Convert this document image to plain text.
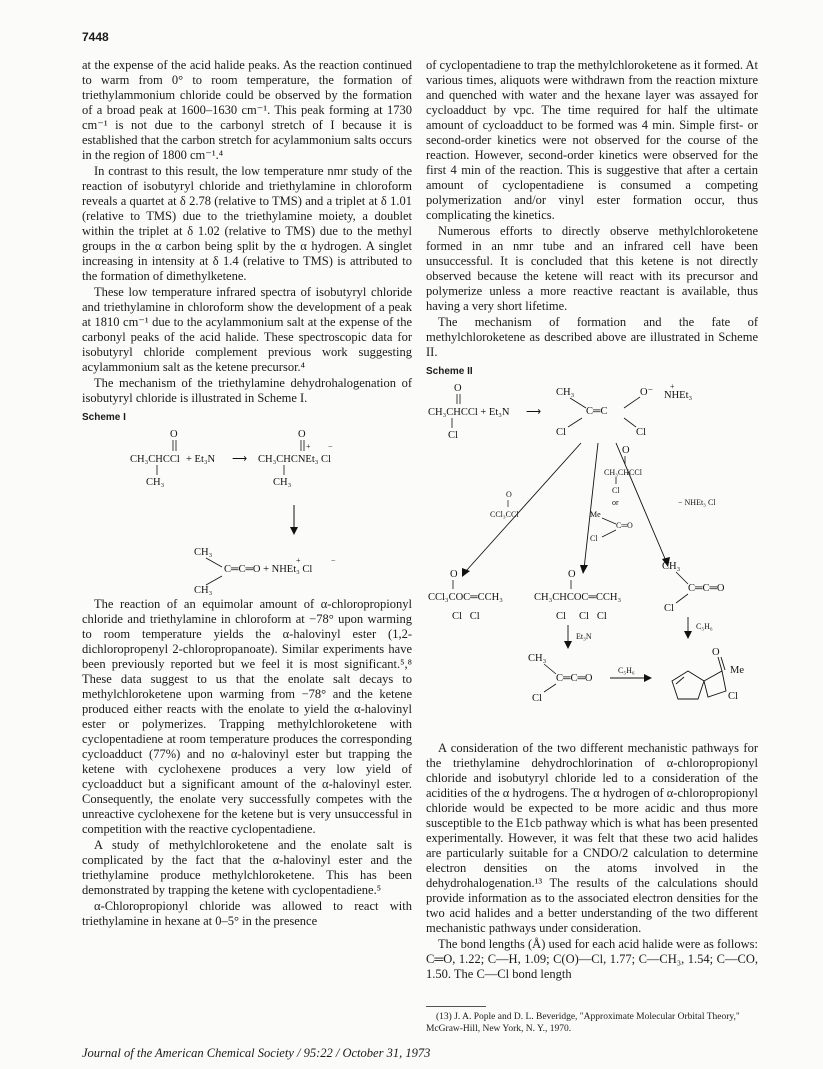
7448

at the expense of the acid halide peaks. As the reaction continued to warm from 0° to room temperature, the formation of triethylammonium chloride could be observed by the formation of a broad peak at 1600–1630 cm⁻¹. This peak forming at 1730 cm⁻¹ is not due to the carbonyl stretch of I because it is established that the carbon stretch for acylammonium salts occurs in the region of 1800 cm⁻¹.⁴

In contrast to this result, the low temperature nmr study of the reaction of isobutyryl chloride and triethylamine in chloroform reveals a quartet at δ 2.78 (relative to TMS) and a triplet at δ 1.01 (relative to TMS) due to the triethylamine moiety, a doublet within the triplet at δ 1.02 (relative to TMS) due to the methyl groups in the α carbon being split by the α hydrogen. A singlet increasing in intensity at δ 1.4 (relative to TMS) is attributed to the formation of dimethylketene.

These low temperature infrared spectra of isobutyryl chloride and triethylamine in chloroform show the development of a peak at 1810 cm⁻¹ due to the acylammonium salt at the expense of the carbonyl peaks of the acid halide. These spectroscopic data for isobutyryl chloride complement previous work suggesting acylammonium salt as the ketene precursor.⁴

The mechanism of the triethylamine dehydrohalogenation of isobutyryl chloride is illustrated in Scheme I.

Scheme I
O
CH₃CHCCl
CH₃
+ Et₃N ⟶
O
+ −
CH₃CHCNEt₃ Cl
CH₃
CH₃
C═C═O + NHEt₃ Cl
+	−
CH₃

The reaction of an equimolar amount of α-chloropropionyl chloride and triethylamine in chloroform at −78° upon warming to room temperature yields the α-halovinyl ester (1,2-dichloropropenyl 2-chloropropanoate). Similar experiments have been previously reported but we feel it is most significant.⁵,⁸ These data suggest to us that the enolate salt decays to methylchloroketene upon warming from −78° and the ketene produced either reacts with the enolate to yield the α-halovinyl ester or polymerizes. Trapping methylchloroketene with cyclopentadiene at room temperature produces the corresponding cycloadduct (77%) and no α-halovinyl ester but trapping the ketene with cyclohexene produces a very low yield of cycloadduct but a significant amount of the α-halovinyl ester. Consequently, the enolate very successfully competes with the unreactive cyclohexene for the ketene but is very unsuccessful in competition with the reactive cyclopentadiene.

A study of methylchloroketene and the enolate salt is complicated by the fact that the α-halovinyl ester and the triethylamine produce methylchloroketene. This has been demonstrated by trapping the ketene with cyclopentadiene.⁵

α-Chloropropionyl chloride was allowed to react with triethylamine in hexane at 0–5° in the presence

of cyclopentadiene to trap the methylchloroketene as it formed. At various times, aliquots were withdrawn from the reaction mixture and quenched with water and the hexane layer was assayed for cycloadduct by vpc. The time required for half the ultimate amount of cycloadduct to be formed was 4 min. Simple first- or second-order kinetics were not observed for the course of the reaction. However, second-order kinetics were observed for the first 4 min of the reaction. This is suggestive that after a certain amount of cyclopentadiene is consumed a competing polymerization and/or vinyl ester formation occur, thus complicating the kinetics.

Numerous efforts to directly observe methylchloroketene formed in an nmr tube and an infrared cell have been unsuccessful. It is concluded that this ketene is not directly observed because the ketene will react with its precursor and polymerize unless a more reactive reactant is available, thus having a very short lifetime.

The mechanism of formation and the fate of methylchloroketene as described above are illustrated in Scheme II.

Scheme II
O
CH₃CHCCl + Et₃N
Cl
⟶
CH₃
C═C
O⁻
+
NHEt₃
Cl	Cl
O
CH₃CHCCl
Cl
or
Me
C═O
Cl
O
CCl₃CCl
− NHEt₃ Cl
O
CCl₃COC═CCH₃
Cl   Cl
O
CH₃CHCOC═CCH₃
Cl     Cl   Cl
CH₃
C═C═O
Cl
C₅H₆
Et₃N
CH₃
C═C═O
Cl
C₅H₆
O
Me
Cl

A consideration of the two different mechanistic pathways for the triethylamine dehydrochlorination of α-chloropropionyl chloride and isobutyryl chloride led to a consideration of the acidities of the α hydrogens. The α hydrogen of α-chloropropionyl chloride would be expected to be more acidic and thus more susceptible to the E1cb pathway which is what has been presented experimentally. However, it was felt that these two acid halides are particularly suitable for a CNDO/2 calculation to determine electron densities on the atoms involved in the dehydrohalogenation.¹³ The results of the calculations should provide information as to the associated electron densities for the two acid halides and a better understanding of the two different mechanistic pathways under consideration.

The bond lengths (Å) used for each acid halide were as follows: C═O, 1.22; C—H, 1.09; C(O)—Cl, 1.77; C—CH₃, 1.54; C—CO, 1.50. The C—Cl bond length

(13) J. A. Pople and D. L. Beveridge, "Approximate Molecular Orbital Theory," McGraw-Hill, New York, N. Y., 1970.
Journal of the American Chemical Society / 95:22 / October 31, 1973
